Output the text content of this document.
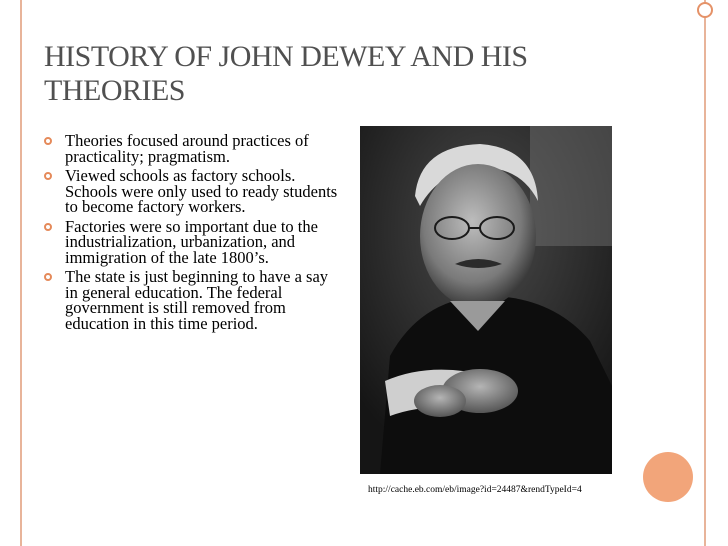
HISTORY OF JOHN DEWEY AND HIS THEORIES
Theories focused around practices of practicality; pragmatism.
Viewed schools as factory schools. Schools were only used to ready students to become factory workers.
Factories were so important due to the industrialization, urbanization, and immigration of the late 1800’s.
The state is just beginning to have a say in general education. The federal government is still removed from education in this time period.
http://cache.eb.com/eb/image?id=24487&rendTypeId=4
